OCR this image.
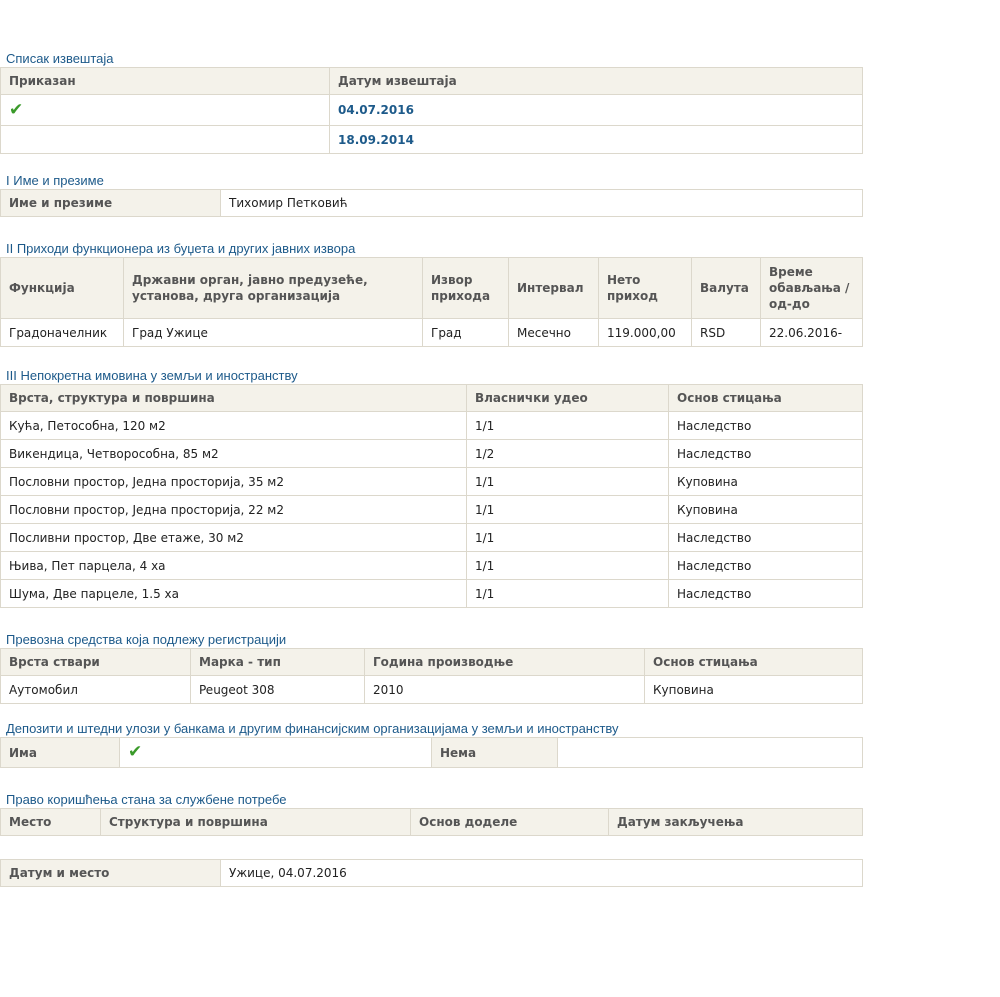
Списак извештаја
Приказан	Датум извештаја
✔	04.07.2016
	18.09.2014
I Име и презиме
Име и презиме	Тихомир Петковић
II Приходи функционера из буџета и других јавних извора
Функција	Државни орган, јавно предузеће, установа, друга организација	Извор прихода	Интервал	Нето приход	Валута	Време обављања / од-до
Градоначелник	Град Ужице	Град	Месечно	119.000,00	RSD	22.06.2016-
III Непокретна имовина у земљи и иностранству
Врста, структура и површина	Власнички удео	Основ стицања
Кућа, Петособна, 120 м2	1/1	Наследство
Викендица, Четворособна, 85 м2	1/2	Наследство
Пословни простор, Једна просторија, 35 м2	1/1	Куповина
Пословни простор, Једна просторија, 22 м2	1/1	Куповина
Посливни простор, Две етаже, 30 м2	1/1	Наследство
Њива, Пет парцела, 4 ха	1/1	Наследство
Шума, Две парцеле, 1.5 ха	1/1	Наследство
Превозна средства која подлежу регистрацији
Врста ствари	Марка - тип	Година производње	Основ стицања
Аутомобил	Peugeot 308	2010	Куповина
Депозити и штедни улози у банкама и другим финансијским организацијама у земљи и иностранству
Има	✔	Нема	
Право коришћења стана за службене потребе
Место	Структура и површина	Основ доделе	Датум закључења
Датум и место	Ужице, 04.07.2016
